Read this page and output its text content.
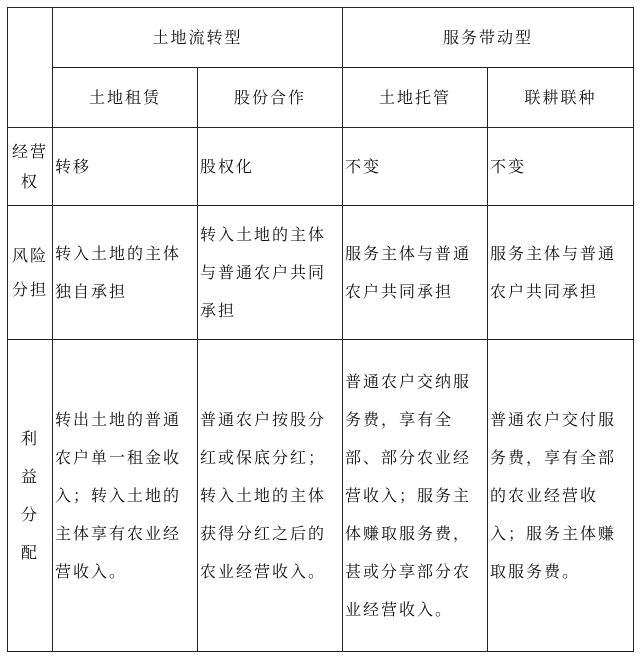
	土地流转型		服务带动型	
	土地租赁	股份合作	土地托管	联耕联种

经营
权	转移	股权化	不变	不变

风险
分担	转入土地的主体独自承担	转入土地的主体与普通农户共同承担	服务主体与普通农户共同承担	服务主体与普通农户共同承担

利
益
分
配	转出土地的普通农户单一租金收入；转入土地的主体享有农业经营收入。	普通农户按股分红或保底分红；转入土地的主体获得分红之后的农业经营收入。	普通农户交纳服务费，享有全部、部分农业经营收入；服务主体赚取服务费，甚或分享部分农业经营收入。	普通农户交付服务费，享有全部的农业经营收入；服务主体赚取服务费。
